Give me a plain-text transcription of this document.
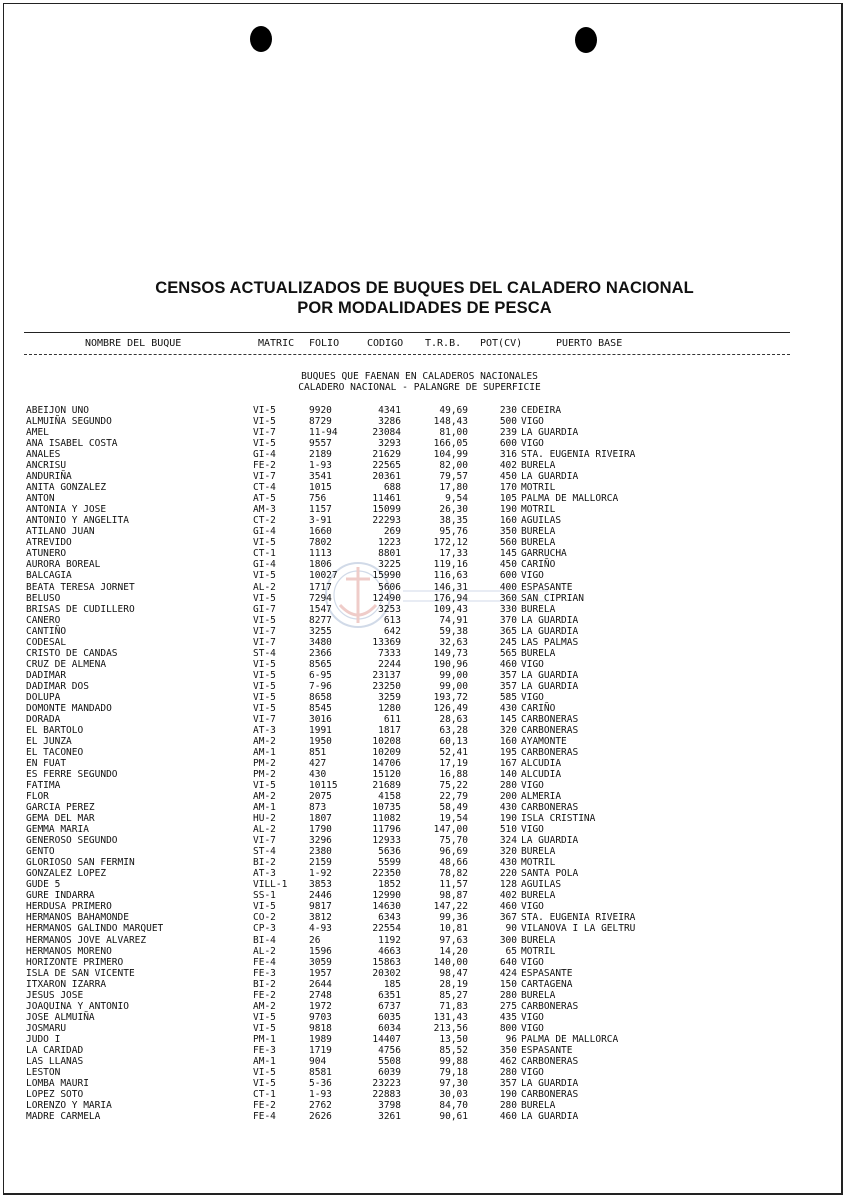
CENSOS ACTUALIZADOS DE BUQUES DEL CALADERO NACIONAL
POR MODALIDADES DE PESCA
NOMBRE DEL BUQUE	MATRIC FOLIO	CODIGO T.R.B. POT(CV)	PUERTO BASE
BUQUES QUE FAENAN EN CALADEROS NACIONALES
CALADERO NACIONAL - PALANGRE DE SUPERFICIE
ABEIJON UNO	VI-5	9920	4341	49,69	230 CEDEIRA
ALMUIÑA SEGUNDO	VI-5	8729	3286	148,43	500 VIGO
AMEL	VI-7	11-94	23084	81,00	239 LA GUARDIA
ANA ISABEL COSTA	VI-5	9557	3293	166,05	600 VIGO
ANALES	GI-4	2189	21629	104,99	316 STA. EUGENIA RIVEIRA
ANCRISU	FE-2	1-93	22565	82,00	402 BURELA
ANDURIÑA	VI-7	3541	20361	79,57	450 LA GUARDIA
ANITA GONZALEZ	CT-4	1015	688	17,80	170 MOTRIL
ANTON	AT-5	756	11461	9,54	105 PALMA DE MALLORCA
ANTONIA Y JOSE	AM-3	1157	15099	26,30	190 MOTRIL
ANTONIO Y ANGELITA	CT-2	3-91	22293	38,35	160 AGUILAS
ATILANO JUAN	GI-4	1660	269	95,76	350 BURELA
ATREVIDO	VI-5	7802	1223	172,12	560 BURELA
ATUNERO	CT-1	1113	8801	17,33	145 GARRUCHA
AURORA BOREAL	GI-4	1806	3225	119,16	450 CARIÑO
BALCAGIA	VI-5	10027	15990	116,63	600 VIGO
BEATA TERESA JORNET	AL-2	1717	5606	146,31	400 ESPASANTE
BELUSO	VI-5	7294	12490	176,94	360 SAN CIPRIAN
BRISAS DE CUDILLERO	GI-7	1547	3253	109,43	330 BURELA
CANERO	VI-5	8277	613	74,91	370 LA GUARDIA
CANTIÑO	VI-7	3255	642	59,38	365 LA GUARDIA
CODESAL	VI-7	3480	13369	32,63	245 LAS PALMAS
CRISTO DE CANDAS	ST-4	2366	7333	149,73	565 BURELA
CRUZ DE ALMENA	VI-5	8565	2244	190,96	460 VIGO
DADIMAR	VI-5	6-95	23137	99,00	357 LA GUARDIA
DADIMAR DOS	VI-5	7-96	23250	99,00	357 LA GUARDIA
DOLUPA	VI-5	8658	3259	193,72	585 VIGO
DOMONTE MANDADO	VI-5	8545	1280	126,49	430 CARIÑO
DORADA	VI-7	3016	611	28,63	145 CARBONERAS
EL BARTOLO	AT-3	1991	1817	63,28	320 CARBONERAS
EL JUNZA	AM-2	1950	10208	60,13	160 AYAMONTE
EL TACONEO	AM-1	851	10209	52,41	195 CARBONERAS
EN FUAT	PM-2	427	14706	17,19	167 ALCUDIA
ES FERRE SEGUNDO	PM-2	430	15120	16,88	140 ALCUDIA
FATIMA	VI-5	10115	21689	75,22	280 VIGO
FLOR	AM-2	2075	4158	22,79	200 ALMERIA
GARCIA PEREZ	AM-1	873	10735	58,49	430 CARBONERAS
GEMA DEL MAR	HU-2	1807	11082	19,54	190 ISLA CRISTINA
GEMMA MARIA	AL-2	1790	11796	147,00	510 VIGO
GENEROSO SEGUNDO	VI-7	3296	12933	75,70	324 LA GUARDIA
GENTO	ST-4	2380	5636	96,69	320 BURELA
GLORIOSO SAN FERMIN	BI-2	2159	5599	48,66	430 MOTRIL
GONZALEZ LOPEZ	AT-3	1-92	22350	78,82	220 SANTA POLA
GUDE 5	VILL-1 3853	1852	11,57	128 AGUILAS
GURE INDARRA	SS-1	2446	12990	98,87	402 BURELA
HERDUSA PRIMERO	VI-5	9817	14630	147,22	460 VIGO
HERMANOS BAHAMONDE	CO-2	3812	6343	99,36	367 STA. EUGENIA RIVEIRA
HERMANOS GALINDO MARQUET	CP-3	4-93	22554	10,81	90 VILANOVA I LA GELTRU
HERMANOS JOVE ALVAREZ	BI-4	26	1192	97,63	300 BURELA
HERMANOS MORENO	AL-2	1596	4663	14,20	65 MOTRIL
HORIZONTE PRIMERO	FE-4	3059	15863	140,00	640 VIGO
ISLA DE SAN VICENTE	FE-3	1957	20302	98,47	424 ESPASANTE
ITXARON IZARRA	BI-2	2644	185	28,19	150 CARTAGENA
JESUS JOSE	FE-2	2748	6351	85,27	280 BURELA
JOAQUINA Y ANTONIO	AM-2	1972	6737	71,83	275 CARBONERAS
JOSE ALMUIÑA	VI-5	9703	6035	131,43	435 VIGO
JOSMARU	VI-5	9818	6034	213,56	800 VIGO
JUDO I	PM-1	1989	14407	13,50	96 PALMA DE MALLORCA
LA CARIDAD	FE-3	1719	4756	85,52	350 ESPASANTE
LAS LLANAS	AM-1	904	5508	99,88	462 CARBONERAS
LESTON	VI-5	8581	6039	79,18	280 VIGO
LOMBA MAURI	VI-5	5-36	23223	97,30	357 LA GUARDIA
LOPEZ SOTO	CT-1	1-93	22883	30,03	190 CARBONERAS
LORENZO Y MARIA	FE-2	2762	3798	84,70	280 BURELA
MADRE CARMELA	FE-4	2626	3261	90,61	460 LA GUARDIA
